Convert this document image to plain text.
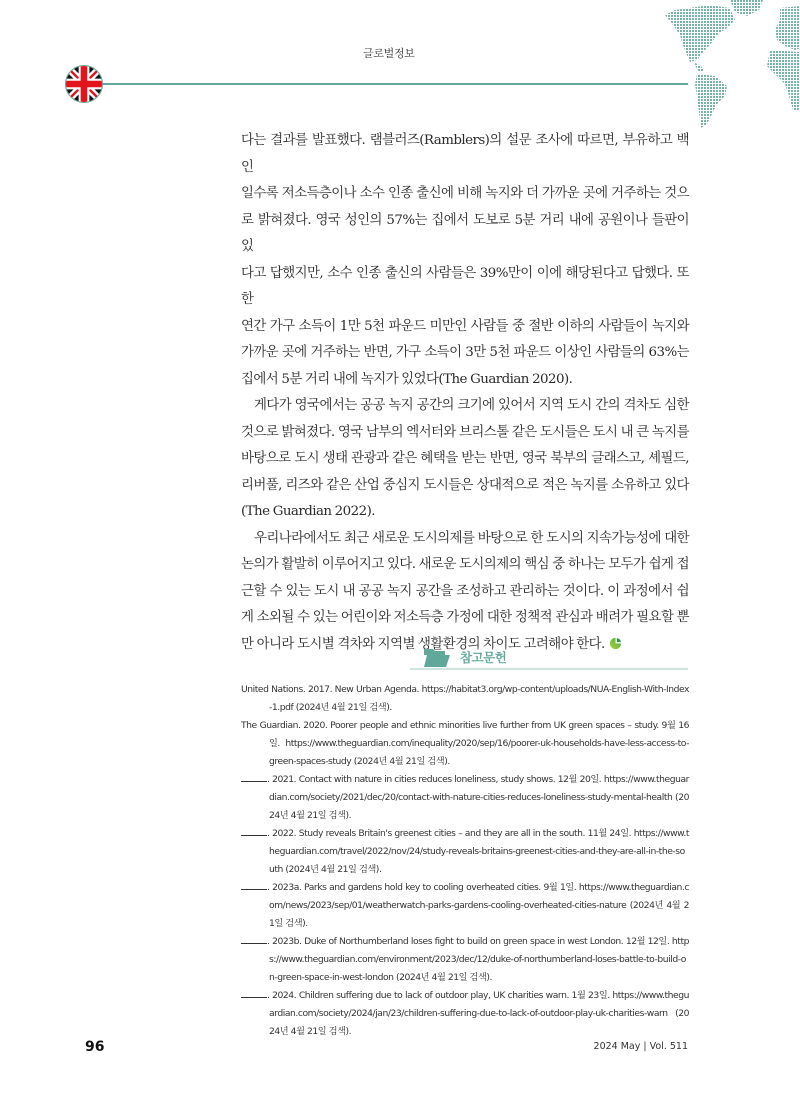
글로벌정보

다는 결과를 발표했다. 램블러즈(Ramblers)의 설문 조사에 따르면, 부유하고 백인

일수록 저소득층이나 소수 인종 출신에 비해 녹지와 더 가까운 곳에 거주하는 것으

로 밝혀졌다. 영국 성인의 57%는 집에서 도보로 5분 거리 내에 공원이나 들판이 있

다고 답했지만, 소수 인종 출신의 사람들은 39%만이 이에 해당된다고 답했다. 또한

연간 가구 소득이 1만 5천 파운드 미만인 사람들 중 절반 이하의 사람들이 녹지와

가까운 곳에 거주하는 반면, 가구 소득이 3만 5천 파운드 이상인 사람들의 63%는

집에서 5분 거리 내에 녹지가 있었다(The Guardian 2020).

게다가 영국에서는 공공 녹지 공간의 크기에 있어서 지역 도시 간의 격차도 심한

것으로 밝혀졌다. 영국 남부의 엑서터와 브리스톨 같은 도시들은 도시 내 큰 녹지를

바탕으로 도시 생태 관광과 같은 혜택을 받는 반면, 영국 북부의 글래스고, 셰필드,

리버풀, 리즈와 같은 산업 중심지 도시들은 상대적으로 적은 녹지를 소유하고 있다

(The Guardian 2022).

우리나라에서도 최근 새로운 도시의제를 바탕으로 한 도시의 지속가능성에 대한

논의가 활발히 이루어지고 있다. 새로운 도시의제의 핵심 중 하나는 모두가 쉽게 접

근할 수 있는 도시 내 공공 녹지 공간을 조성하고 관리하는 것이다. 이 과정에서 쉽

게 소외될 수 있는 어린이와 저소득층 가정에 대한 정책적 관심과 배려가 필요할 뿐

만 아니라 도시별 격차와 지역별 생활환경의 차이도 고려해야 한다.

참고문헌
United Nations. 2017. New Urban Agenda. https://habitat3.org/wp-content/uploads/NUA-English-With-Index-1.pdf (2024년 4월 21일 검색).
The Guardian. 2020. Poorer people and ethnic minorities live further from UK green spaces – study. 9월 16일. https://www.theguardian.com/inequality/2020/sep/16/poorer-uk-households-have-less-access-to-green-spaces-study (2024년 4월 21일 검색).
. 2021. Contact with nature in cities reduces loneliness, study shows. 12월 20일. https://www.theguardian.com/society/2021/dec/20/contact-with-nature-cities-reduces-loneliness-study-mental-health (2024년 4월 21일 검색).
. 2022. Study reveals Britain's greenest cities – and they are all in the south. 11월 24일. https://www.theguardian.com/travel/2022/nov/24/study-reveals-britains-greenest-cities-and-they-are-all-in-the-south (2024년 4월 21일 검색).
. 2023a. Parks and gardens hold key to cooling overheated cities. 9월 1일. https://www.theguardian.com/news/2023/sep/01/weatherwatch-parks-gardens-cooling-overheated-cities-nature (2024년 4월 21일 검색).
. 2023b. Duke of Northumberland loses fight to build on green space in west London. 12월 12일. https://www.theguardian.com/environment/2023/dec/12/duke-of-northumberland-loses-battle-to-build-on-green-space-in-west-london (2024년 4월 21일 검색).
. 2024. Children suffering due to lack of outdoor play, UK charities warn. 1월 23일. https://www.theguardian.com/society/2024/jan/23/children-suffering-due-to-lack-of-outdoor-play-uk-charities-warn (2024년 4월 21일 검색).
96	2024 May | Vol. 511
